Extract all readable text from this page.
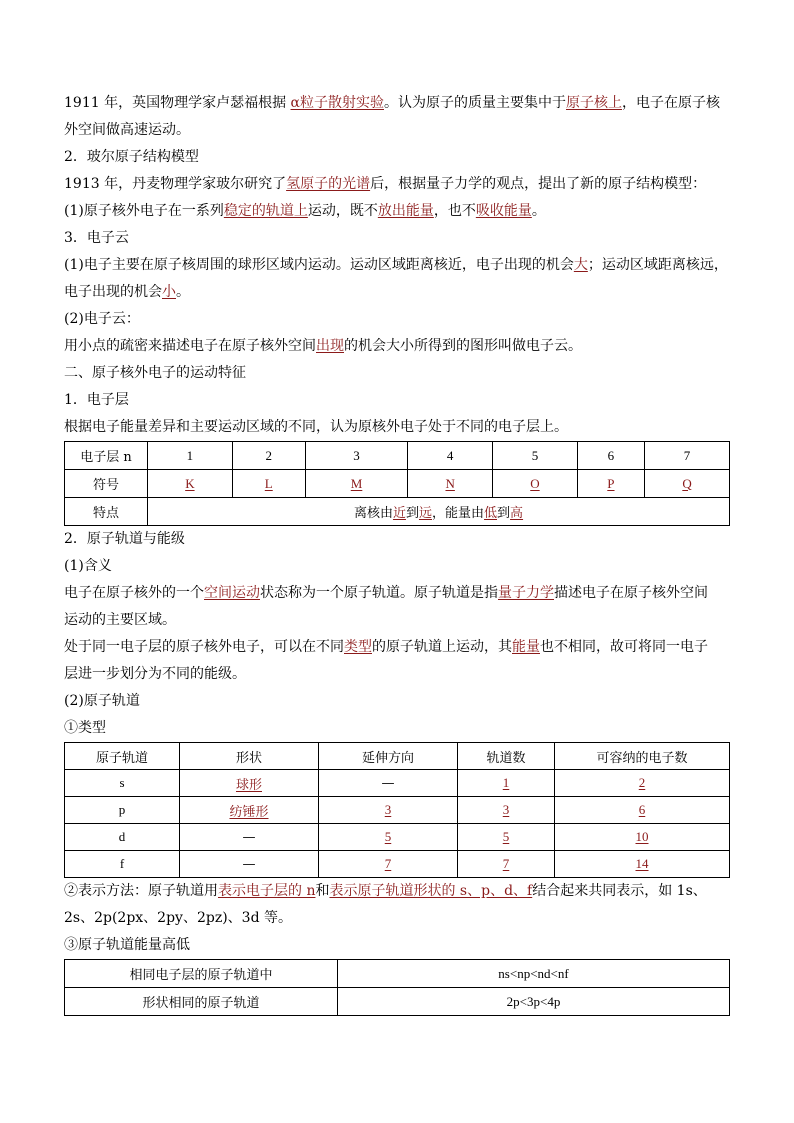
1911 年，英国物理学家卢瑟福根据 α粒子散射实验。认为原子的质量主要集中于原子核上，电子在原子核

外空间做高速运动。

2．玻尔原子结构模型

1913 年，丹麦物理学家玻尔研究了氢原子的光谱后，根据量子力学的观点，提出了新的原子结构模型：

(1)原子核外电子在一系列稳定的轨道上运动，既不放出能量，也不吸收能量。

3．电子云

(1)电子主要在原子核周围的球形区域内运动。运动区域距离核近，电子出现的机会大；运动区域距离核远，

电子出现的机会小。

(2)电子云：

用小点的疏密来描述电子在原子核外空间出现的机会大小所得到的图形叫做电子云。

二、原子核外电子的运动特征

1．电子层

根据电子能量差异和主要运动区域的不同，认为原核外电子处于不同的电子层上。

电子层 n	1	2	3	4	5	6	7
符号	K	L	M	N	O	P	Q
特点	离核由近到远，能量由低到高						

2．原子轨道与能级

(1)含义

电子在原子核外的一个空间运动状态称为一个原子轨道。原子轨道是指量子力学描述电子在原子核外空间

运动的主要区域。

处于同一电子层的原子核外电子，可以在不同类型的原子轨道上运动，其能量也不相同，故可将同一电子

层进一步划分为不同的能级。

(2)原子轨道

①类型

原子轨道	形状	延伸方向	轨道数	可容纳的电子数
s	球形	—	1	2
p	纺锤形	3	3	6
d	—	5	5	10
f	—	7	7	14

②表示方法：原子轨道用表示电子层的 n和表示原子轨道形状的 s、p、d、f结合起来共同表示，如 1s、

2s、2p(2px、2py、2pz)、3d 等。

③原子轨道能量高低

相同电子层的原子轨道中	ns<np<nd<nf
形状相同的原子轨道	2p<3p<4p
